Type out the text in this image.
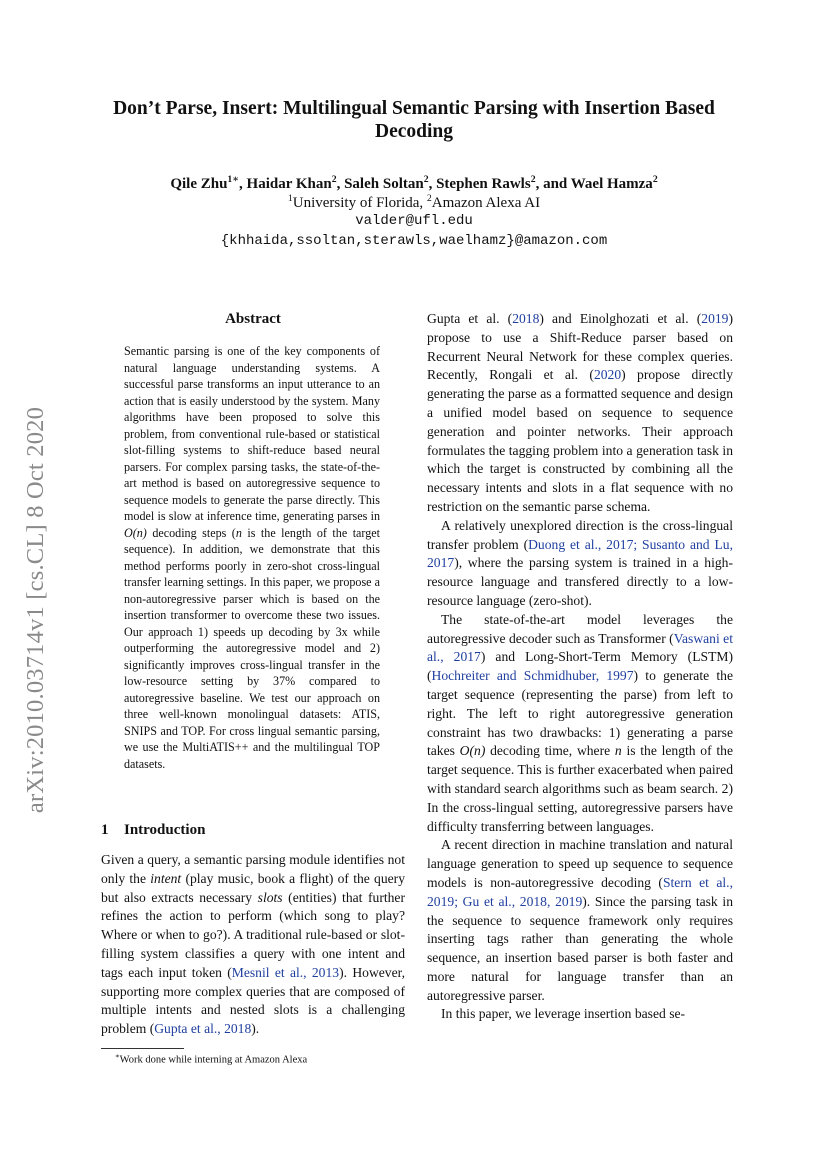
arXiv:2010.03714v1 [cs.CL] 8 Oct 2020
Don’t Parse, Insert: Multilingual Semantic Parsing with Insertion Based
Decoding
Qile Zhu$^{1∗}$, Haidar Khan$^2$, Saleh Soltan$^2$, Stephen Rawls$^2$, and Wael Hamza$^2$
$^1$University of Florida, $^2$Amazon Alexa AI
valder@ufl.edu
{khhaida,ssoltan,sterawls,waelhamz}@amazon.com
Abstract
Semantic parsing is one of the key components of natural language understanding systems. A successful parse transforms an input utterance to an action that is easily understood by the system. Many algorithms have been proposed to solve this problem, from conventional rule-based or statistical slot-filling systems to shift-reduce based neural parsers. For complex parsing tasks, the state-of-the-art method is based on autoregressive sequence to sequence models to generate the parse directly. This model is slow at inference time, generating parses in O(n) decoding steps (n is the length of the target sequence). In addition, we demonstrate that this method performs poorly in zero-shot cross-lingual transfer learning settings. In this paper, we propose a non-autoregressive parser which is based on the insertion transformer to overcome these two issues. Our approach 1) speeds up decoding by 3x while outperforming the autoregressive model and 2) significantly improves cross-lingual transfer in the low-resource setting by 37% compared to autoregressive baseline. We test our approach on three well-known monolingual datasets: ATIS, SNIPS and TOP. For cross lingual semantic parsing, we use the MultiATIS++ and the multilingual TOP datasets.
1 Introduction

Given a query, a semantic parsing module identifies not only the intent (play music, book a flight) of the query but also extracts necessary slots (entities) that further refines the action to perform (which song to play? Where or when to go?). A traditional rule-based or slot-filling system classifies a query with one intent and tags each input token (Mesnil et al., 2013). However, supporting more complex queries that are composed of multiple intents and nested slots is a challenging problem (Gupta et al., 2018).

Gupta et al. (2018) and Einolghozati et al. (2019) propose to use a Shift-Reduce parser based on Recurrent Neural Network for these complex queries. Recently, Rongali et al. (2020) propose directly generating the parse as a formatted sequence and design a unified model based on sequence to sequence generation and pointer networks. Their approach formulates the tagging problem into a generation task in which the target is constructed by combining all the necessary intents and slots in a flat sequence with no restriction on the semantic parse schema.

A relatively unexplored direction is the cross-lingual transfer problem (Duong et al., 2017; Susanto and Lu, 2017), where the parsing system is trained in a high-resource language and transfered directly to a low-resource language (zero-shot).

The state-of-the-art model leverages the autoregressive decoder such as Transformer (Vaswani et al., 2017) and Long-Short-Term Memory (LSTM) (Hochreiter and Schmidhuber, 1997) to generate the target sequence (representing the parse) from left to right. The left to right autoregressive generation constraint has two drawbacks: 1) generating a parse takes O(n) decoding time, where n is the length of the target sequence. This is further exacerbated when paired with standard search algorithms such as beam search. 2) In the cross-lingual setting, autoregressive parsers have difficulty transferring between languages.

A recent direction in machine translation and natural language generation to speed up sequence to sequence models is non-autoregressive decoding (Stern et al., 2019; Gu et al., 2018, 2019). Since the parsing task in the sequence to sequence framework only requires inserting tags rather than generating the whole sequence, an insertion based parser is both faster and more natural for language transfer than an autoregressive parser.

In this paper, we leverage insertion based se-

∗Work done while interning at Amazon Alexa
